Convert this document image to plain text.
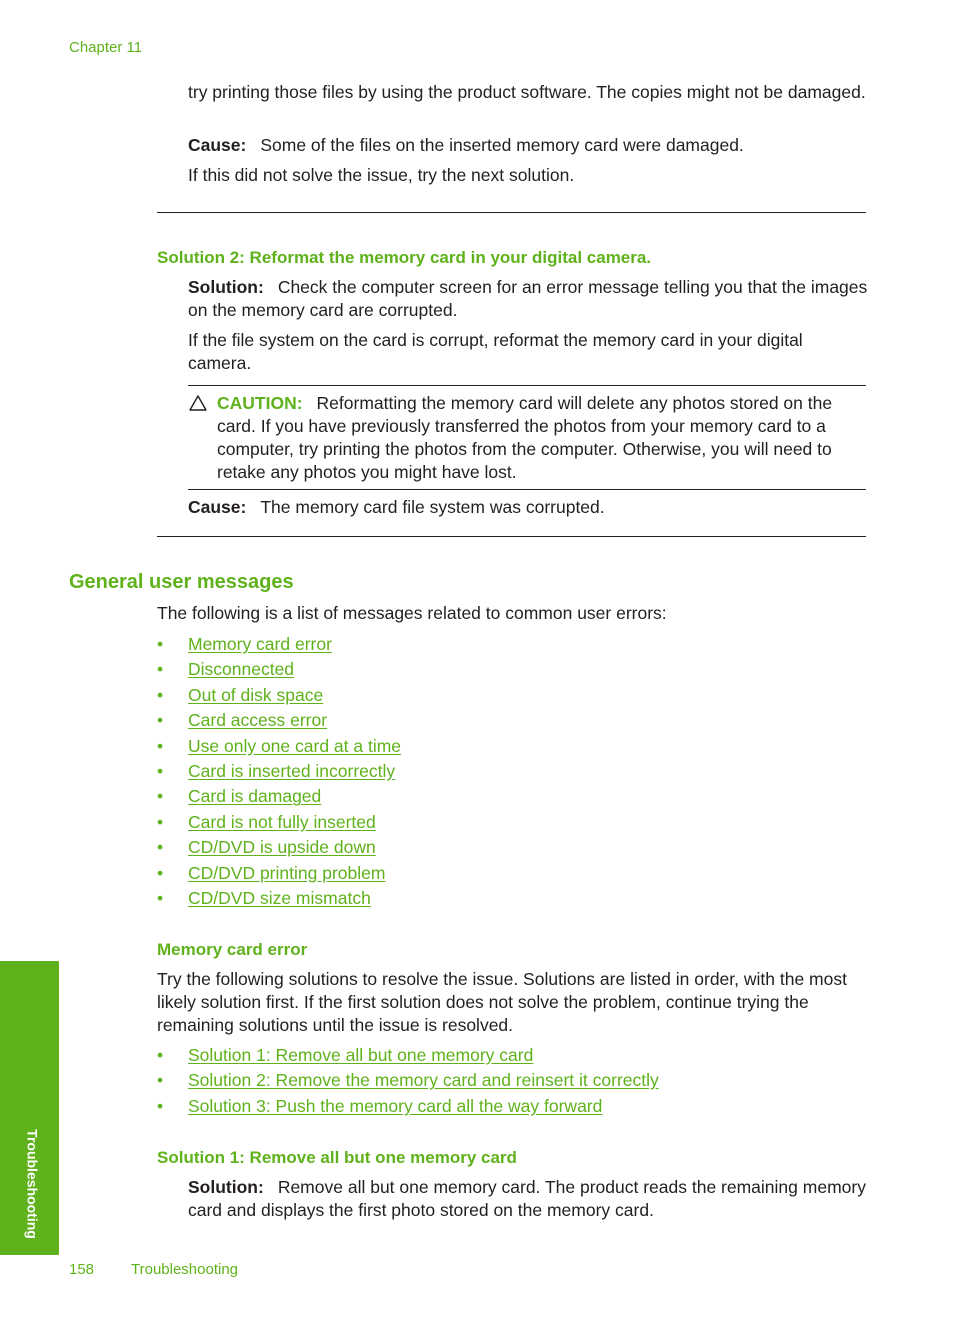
Chapter 11

try printing those files by using the product software. The copies might not be damaged.

Cause: Some of the files on the inserted memory card were damaged.

If this did not solve the issue, try the next solution.

Solution 2: Reformat the memory card in your digital camera.

Solution: Check the computer screen for an error message telling you that the images on the memory card are corrupted.

If the file system on the card is corrupt, reformat the memory card in your digital camera.

CAUTION: Reformatting the memory card will delete any photos stored on the card. If you have previously transferred the photos from your memory card to a computer, try printing the photos from the computer. Otherwise, you will need to retake any photos you might have lost.

Cause: The memory card file system was corrupted.

General user messages

The following is a list of messages related to common user errors:

• Memory card error
• Disconnected
• Out of disk space
• Card access error
• Use only one card at a time
• Card is inserted incorrectly
• Card is damaged
• Card is not fully inserted
• CD/DVD is upside down
• CD/DVD printing problem
• CD/DVD size mismatch
Memory card error

Try the following solutions to resolve the issue. Solutions are listed in order, with the most likely solution first. If the first solution does not solve the problem, continue trying the remaining solutions until the issue is resolved.

• Solution 1: Remove all but one memory card
• Solution 2: Remove the memory card and reinsert it correctly
• Solution 3: Push the memory card all the way forward
Solution 1: Remove all but one memory card

Solution: Remove all but one memory card. The product reads the remaining memory card and displays the first photo stored on the memory card.

Troubleshooting
158 Troubleshooting
